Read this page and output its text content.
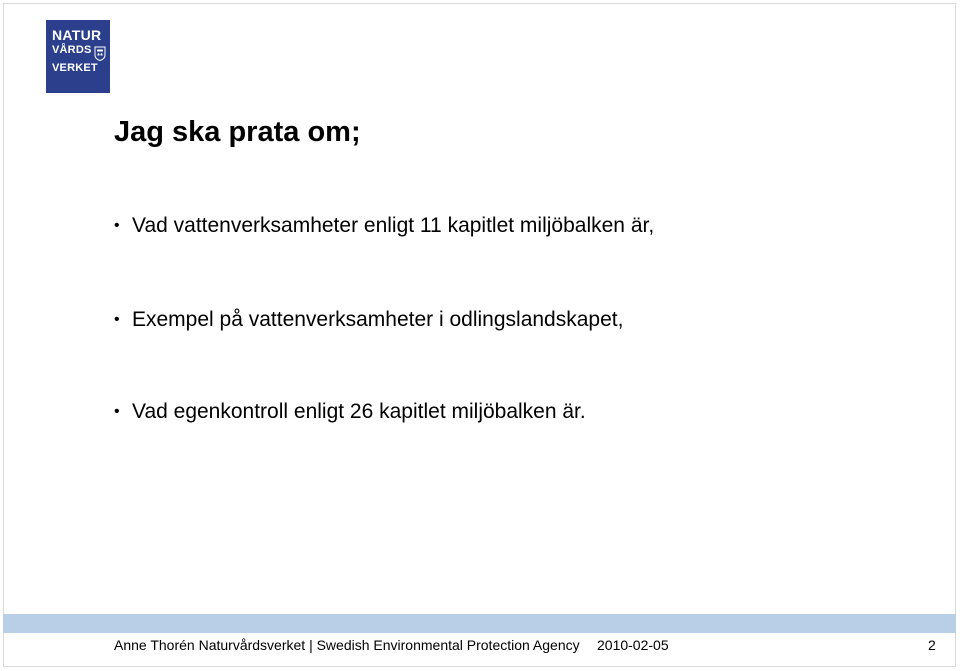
NATUR
VÅRDS
VERKET
Jag ska prata om;
• Vad vattenverksamheter enligt 11 kapitlet miljöbalken är,
• Exempel på vattenverksamheter i odlingslandskapet,
• Vad egenkontroll enligt 26 kapitlet miljöbalken är.
Anne Thorén Naturvårdsverket | Swedish Environmental Protection Agency	2010-02-05	2
